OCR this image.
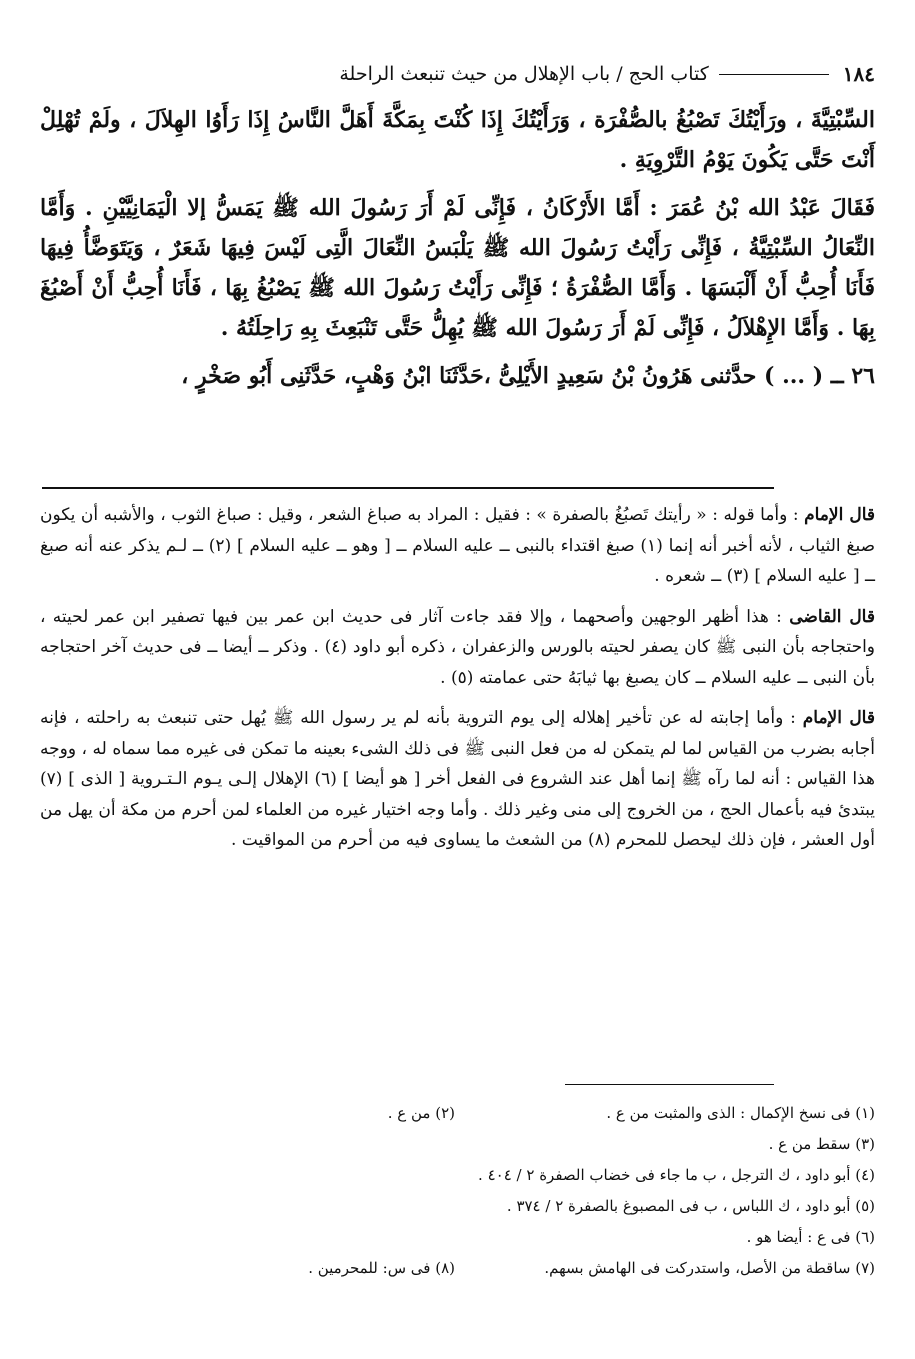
١٨٤
كتاب الحج / باب الإهلال من حيث تنبعث الراحلة

السِّبْتِيَّةَ ، ورَأَيْتُكَ تَصْبُغُ بالصُّفْرَة ، وَرَأَيْتُكَ إِذَا كُنْتَ بِمَكَّةَ أَهَلَّ النَّاسُ إِذَا رَأَوُا الهِلاَلَ ، ولَمْ تُهْلِلْ أَنْتَ حَتَّى يَكُونَ يَوْمُ التَّرْوِيَةِ .

فَقَالَ عَبْدُ الله بْنُ عُمَرَ : أَمَّا الأَرْكَانُ ، فَإِنِّى لَمْ أَرَ رَسُولَ الله ﷺ يَمَسُّ إلا الْيَمَانِيَّيْنِ . وَأَمَّا النِّعَالُ السِّبْتِيَّةُ ، فَإِنِّى رَأَيْتُ رَسُولَ الله ﷺ يَلْبَسُ النِّعَالَ الَّتِى لَيْسَ فِيهَا شَعَرٌ ، وَيَتَوَضَّأُ فِيهَا فَأَنَا أُحِبُّ أَنْ أَلْبَسَهَا . وَأَمَّا الصُّفْرَةُ ؛ فَإِنِّى رَأَيْتُ رَسُولَ الله ﷺ يَصْبُغُ بِهَا ، فَأَنَا أُحِبُّ أَنْ أَصْبُغَ بِهَا . وَأَمَّا الإِهْلاَلُ ، فَإِنِّى لَمْ أَرَ رَسُولَ الله ﷺ يُهِلُّ حَتَّى تَنْبَعِثَ بِهِ رَاحِلَتُهُ .

٢٦ ــ ( ... ) حدَّثنى هَرُونُ بْنُ سَعِيدٍ الأَيْلِىُّ ،حَدَّثَنَا ابْنُ وَهْبٍ، حَدَّثَنِى أَبُو صَخْرٍ ،

قال الإمام : وأما قوله : « رأيتك تَصبُغُ بالصفرة » : فقيل : المراد به صباغ الشعر ، وقيل : صباغ الثوب ، والأشبه أن يكون صبغ الثياب ، لأنه أخبر أنه إنما (١) صبغ اقتداء بالنبى ــ عليه السلام ــ [ وهو ــ عليه السلام ] (٢) ــ لـم يذكر عنه أنه صبغ ــ [ عليه السلام ] (٣) ــ شعره .

قال القاضى : هذا أظهر الوجهين وأصحهما ، وإلا فقد جاءت آثار فى حديث ابن عمر بين فيها تصفير ابن عمر لحيته ، واحتجاجه بأن النبى ﷺ كان يصفر لحيته بالورس والزعفران ، ذكره أبو داود (٤) . وذكر ــ أيضا ــ فى حديث آخر احتجاجه بأن النبى ــ عليه السلام ــ كان يصبغ بها ثيابَهُ حتى عمامته (٥) .

قال الإمام : وأما إجابته له عن تأخير إهلاله إلى يوم التروية بأنه لم ير رسول الله ﷺ يُهل حتى تنبعث به راحلته ، فإنه أجابه بضرب من القياس لما لم يتمكن له من فعل النبى ﷺ فى ذلك الشىء بعينه ما تمكن فى غيره مما سماه له ، ووجه هذا القياس : أنه لما رآه ﷺ إنما أهل عند الشروع فى الفعل أخر [ هو أيضا ] (٦) الإهلال إلـى يـوم الـتـروية [ الذى ] (٧) يبتدئ فيه بأعمال الحج ، من الخروج إلى منى وغير ذلك . وأما وجه اختيار غيره من العلماء لمن أحرم من مكة أن يهل من أول العشر ، فإن ذلك ليحصل للمحرم (٨) من الشعث ما يساوى فيه من أحرم من المواقيت .

(١) فى نسخ الإكمال : الذى والمثبت من ع .
(٢) من ع .
(٣) سقط من ع .
(٤) أبو داود ، ك الترجل ، ب ما جاء فى خضاب الصفرة ٢ / ٤٠٤ .
(٥) أبو داود ، ك اللباس ، ب فى المصبوغ بالصفرة ٢ / ٣٧٤ .
(٦) فى ع : أيضا هو .
(٧) ساقطة من الأصل، واستدركت فى الهامش بسهم.
(٨) فى س: للمحرمين .
